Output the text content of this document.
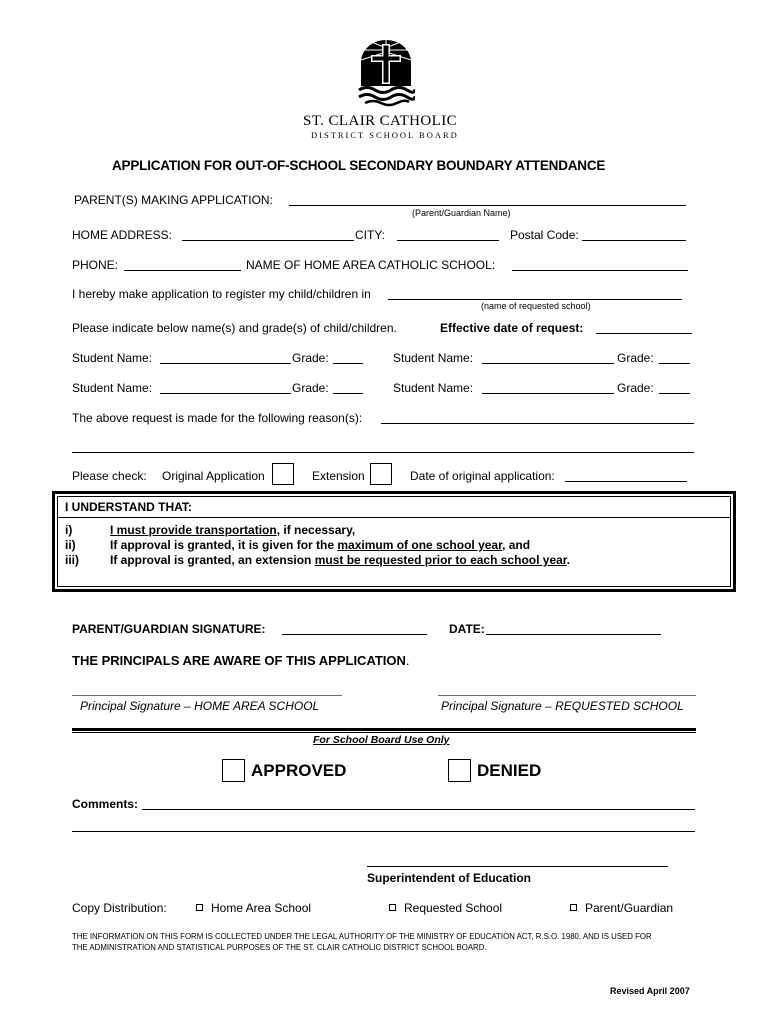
ST. CLAIR CATHOLIC
DISTRICT SCHOOL BOARD
APPLICATION FOR OUT-OF-SCHOOL SECONDARY BOUNDARY ATTENDANCE
PARENT(S) MAKING APPLICATION:
(Parent/Guardian Name)
HOME ADDRESS:	CITY:	Postal Code:
PHONE:	NAME OF HOME AREA CATHOLIC SCHOOL:
I hereby make application to register my child/children in
(name of requested school)
Please indicate below name(s) and grade(s) of child/children.	Effective date of request:
Student Name:	Grade:	Student Name:	Grade:
Student Name:	Grade:	Student Name:	Grade:
The above request is made for the following reason(s):
Please check: Original Application	Extension	Date of original application:
I UNDERSTAND THAT:
i)	I must provide transportation, if necessary,
ii)	If approval is granted, it is given for the maximum of one school year, and
iii)	If approval is granted, an extension must be requested prior to each school year.
PARENT/GUARDIAN SIGNATURE:	DATE:
THE PRINCIPALS ARE AWARE OF THIS APPLICATION.
Principal Signature – HOME AREA SCHOOL	Principal Signature – REQUESTED SCHOOL
For School Board Use Only
APPROVED	DENIED
Comments:
Superintendent of Education
Copy Distribution:	Home Area School	Requested School	Parent/Guardian
THE INFORMATION ON THIS FORM IS COLLECTED UNDER THE LEGAL AUTHORITY OF THE MINISTRY OF EDUCATION ACT, R.S.O. 1980, AND IS USED FOR
THE ADMINISTRATION AND STATISTICAL PURPOSES OF THE ST. CLAIR CATHOLIC DISTRICT SCHOOL BOARD.
Revised April 2007
